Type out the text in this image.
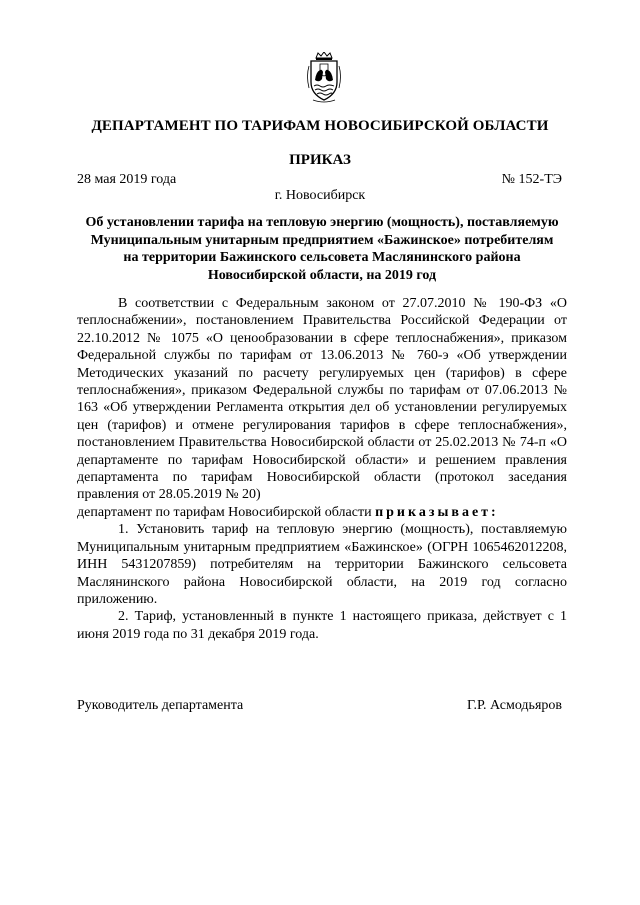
ДЕПАРТАМЕНТ ПО ТАРИФАМ НОВОСИБИРСКОЙ ОБЛАСТИ
ПРИКАЗ
28 мая 2019 года	№ 152-ТЭ
г. Новосибирск
Об установлении тарифа на тепловую энергию (мощность), поставляемую
Муниципальным унитарным предприятием «Бажинское» потребителям
на территории Бажинского сельсовета Маслянинского района
Новосибирской области, на 2019 год

В соответствии с Федеральным законом от 27.07.2010 № 190-ФЗ «О теплоснабжении», постановлением Правительства Российской Федерации от 22.10.2012 № 1075 «О ценообразовании в сфере теплоснабжения», приказом Федеральной службы по тарифам от 13.06.2013 № 760-э «Об утверждении Методических указаний по расчету регулируемых цен (тарифов) в сфере теплоснабжения», приказом Федеральной службы по тарифам от 07.06.2013 № 163 «Об утверждении Регламента открытия дел об установлении регулируемых цен (тарифов) и отмене регулирования тарифов в сфере теплоснабжения», постановлением Правительства Новосибирской области от 25.02.2013 № 74-п «О департаменте по тарифам Новосибирской области» и решением правления департамента по тарифам Новосибирской области (протокол заседания правления от 28.05.2019 № 20)

департамент по тарифам Новосибирской области приказывает:

1. Установить тариф на тепловую энергию (мощность), поставляемую Муниципальным унитарным предприятием «Бажинское» (ОГРН 1065462012208, ИНН 5431207859) потребителям на территории Бажинского сельсовета Маслянинского района Новосибирской области, на 2019 год согласно приложению.

2. Тариф, установленный в пункте 1 настоящего приказа, действует с 1 июня 2019 года по 31 декабря 2019 года.

Руководитель департамента	Г.Р. Асмодьяров
